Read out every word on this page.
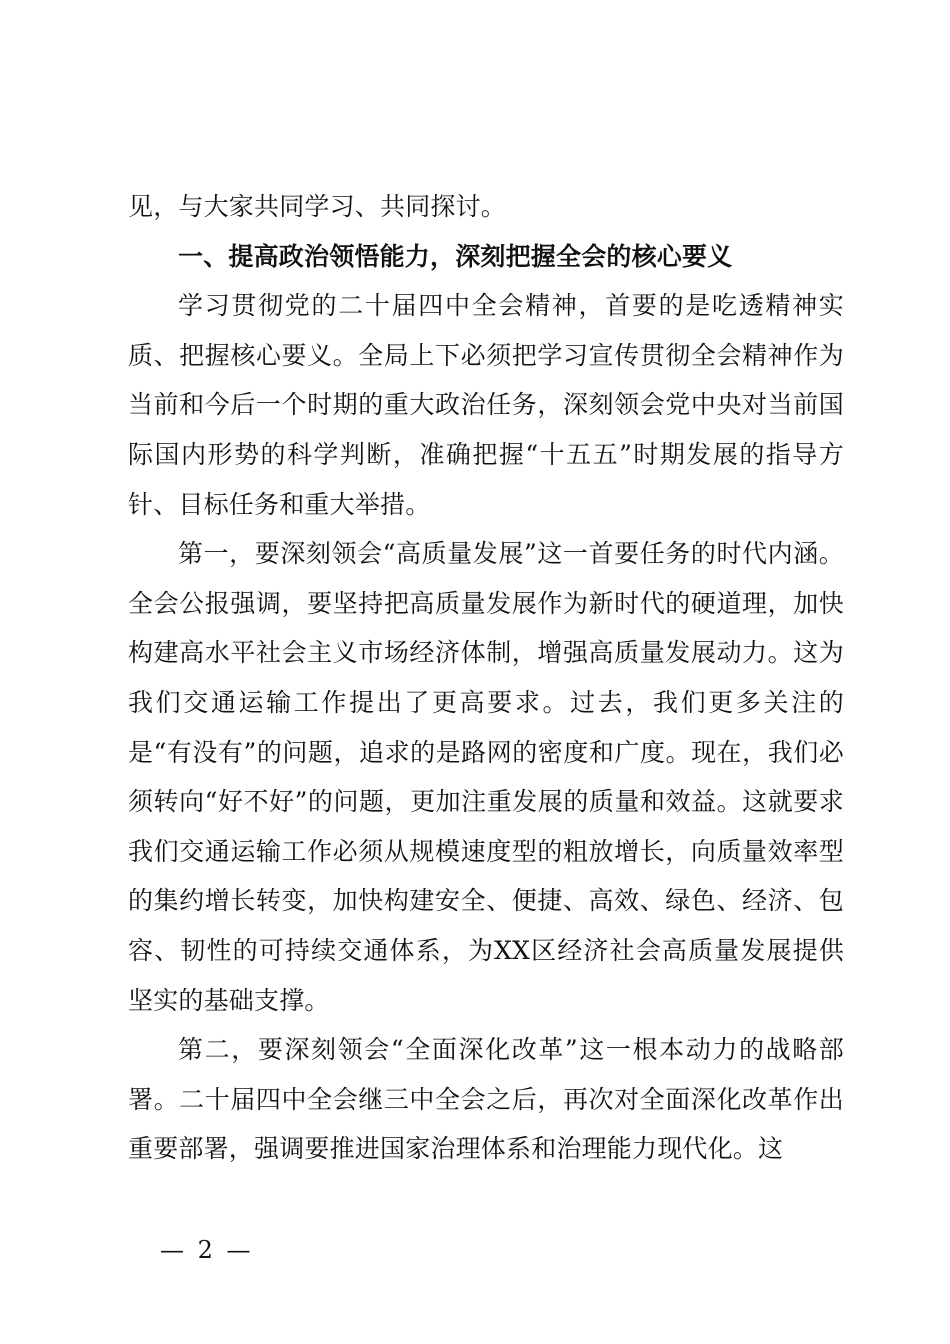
见，与大家共同学习、共同探讨。

一、提高政治领悟能力，深刻把握全会的核心要义

学习贯彻党的二十届四中全会精神，首要的是吃透精神实质、把握核心要义。全局上下必须把学习宣传贯彻全会精神作为当前和今后一个时期的重大政治任务，深刻领会党中央对当前国际国内形势的科学判断，准确把握“十五五”时期发展的指导方针、目标任务和重大举措。

第一，要深刻领会“高质量发展”这一首要任务的时代内涵。全会公报强调，要坚持把高质量发展作为新时代的硬道理，加快构建高水平社会主义市场经济体制，增强高质量发展动力。这为我们交通运输工作提出了更高要求。过去，我们更多关注的是“有没有”的问题，追求的是路网的密度和广度。现在，我们必须转向“好不好”的问题，更加注重发展的质量和效益。这就要求我们交通运输工作必须从规模速度型的粗放增长，向质量效率型的集约增长转变，加快构建安全、便捷、高效、绿色、经济、包容、韧性的可持续交通体系，为XX区经济社会高质量发展提供坚实的基础支撑。

第二，要深刻领会“全面深化改革”这一根本动力的战略部署。二十届四中全会继三中全会之后，再次对全面深化改革作出重要部署，强调要推进国家治理体系和治理能力现代化。这

— 2 —
